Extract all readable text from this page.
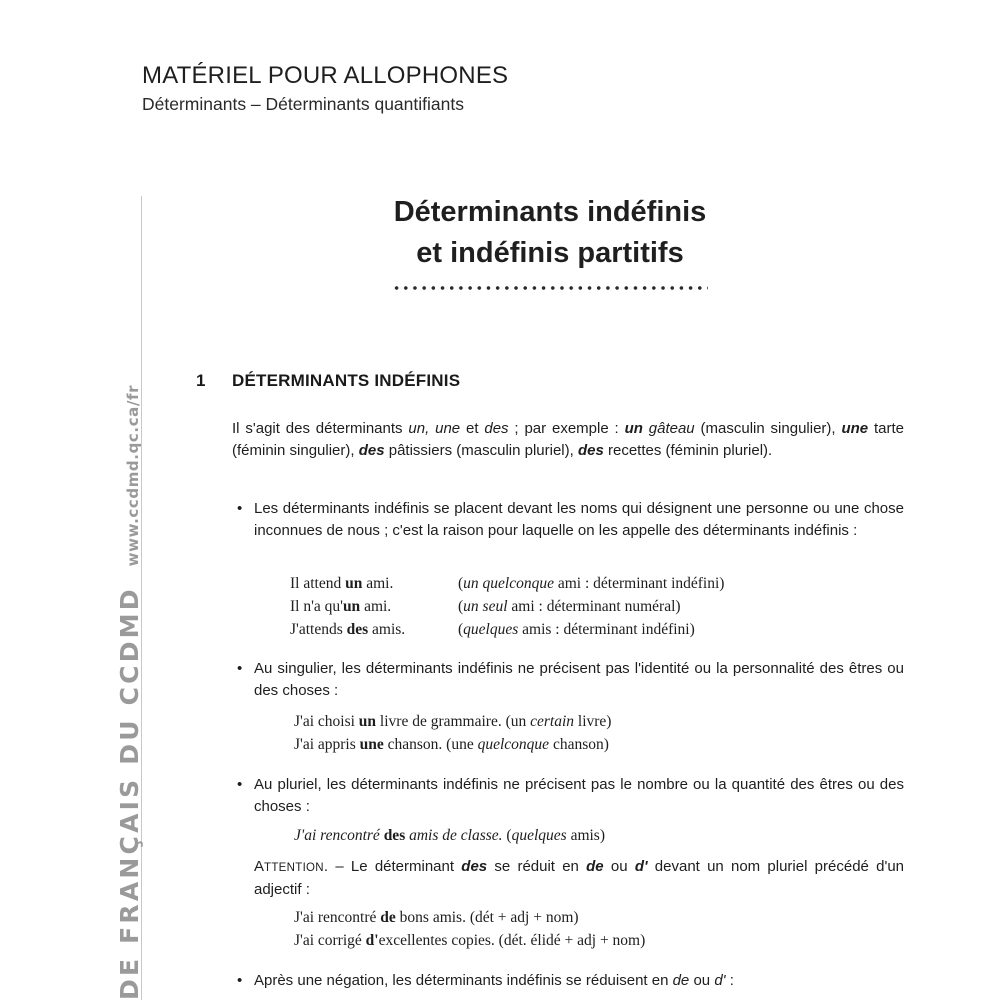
MATÉRIEL POUR ALLOPHONES
Déterminants – Déterminants quantifiants
DE FRANÇAIS DU CCDMDwww.ccdmd.qc.ca/fr
Déterminants indéfinis
et indéfinis partitifs
1 DÉTERMINANTS INDÉFINIS
Il s'agit des déterminants un, une et des ; par exemple : un gâteau (masculin singulier), une tarte (féminin singulier), des pâtissiers (masculin pluriel), des recettes (féminin pluriel).
• Les déterminants indéfinis se placent devant les noms qui désignent une personne ou une chose inconnues de nous ; c'est la raison pour laquelle on les appelle des déterminants indéfinis :
Il attend un ami.	(un quelconque ami : déterminant indéfini)
Il n'a qu'un ami.	(un seul ami : déterminant numéral)
J'attends des amis.	(quelques amis : déterminant indéfini)
• Au singulier, les déterminants indéfinis ne précisent pas l'identité ou la personnalité des êtres ou des choses :
J'ai choisi un livre de grammaire. (un certain livre)
J'ai appris une chanson. (une quelconque chanson)
• Au pluriel, les déterminants indéfinis ne précisent pas le nombre ou la quantité des êtres ou des choses :
J'ai rencontré des amis de classe. (quelques amis)
ATTENTION. – Le déterminant des se réduit en de ou d' devant un nom pluriel précédé d'un adjectif :
J'ai rencontré de bons amis. (dét + adj + nom)
J'ai corrigé d'excellentes copies. (dét. élidé + adj + nom)
• Après une négation, les déterminants indéfinis se réduisent en de ou d' :
